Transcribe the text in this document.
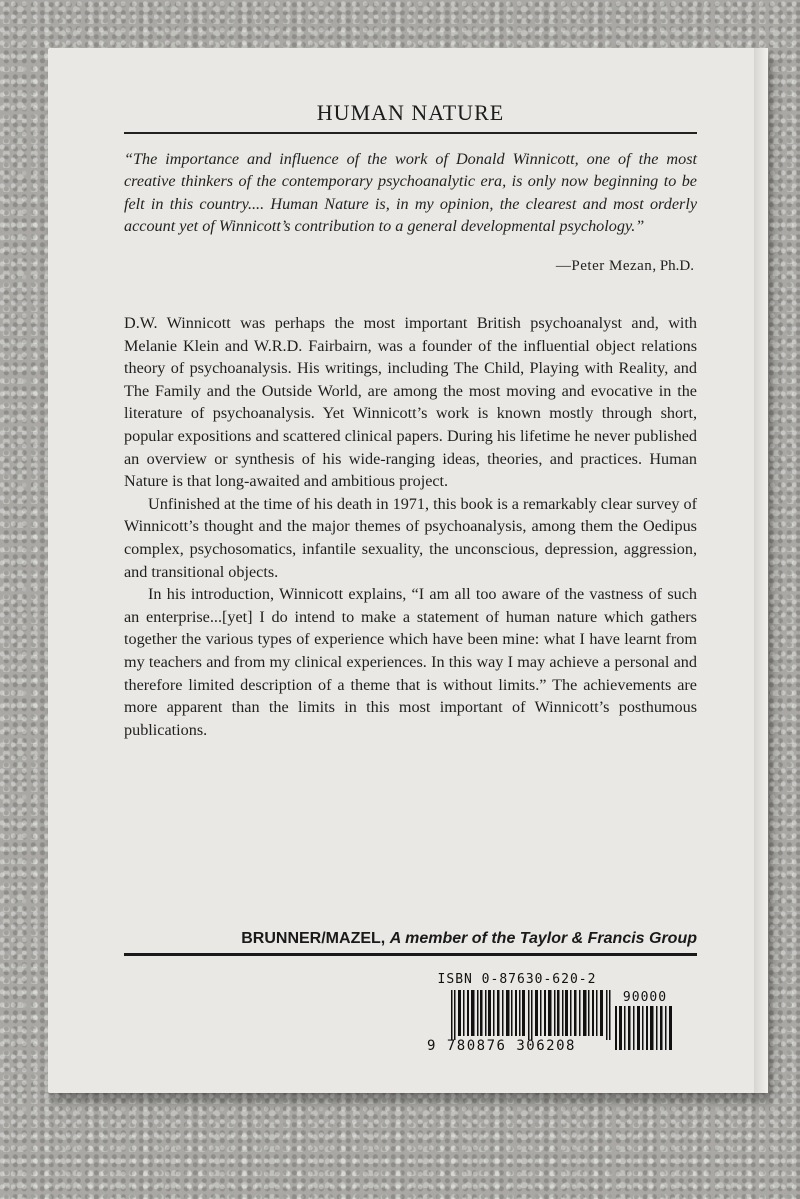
HUMAN NATURE
“The importance and influence of the work of Donald Winnicott, one of the most creative thinkers of the contemporary psychoanalytic era, is only now beginning to be felt in this country.... Human Nature is, in my opinion, the clearest and most orderly account yet of Winnicott’s contribution to a general developmental psychology.”
—Peter Mezan, Ph.D.

D.W. Winnicott was perhaps the most important British psychoanalyst and, with Melanie Klein and W.R.D. Fairbairn, was a founder of the influential object relations theory of psychoanalysis. His writings, including The Child, Playing with Reality, and The Family and the Outside World, are among the most moving and evocative in the literature of psychoanalysis. Yet Winnicott’s work is known mostly through short, popular expositions and scattered clinical papers. During his lifetime he never published an overview or synthesis of his wide-ranging ideas, theories, and practices. Human Nature is that long-awaited and ambitious project.

Unfinished at the time of his death in 1971, this book is a remarkably clear survey of Winnicott’s thought and the major themes of psychoanalysis, among them the Oedipus complex, psychosomatics, infantile sexuality, the unconscious, depression, aggression, and transitional objects.

In his introduction, Winnicott explains, “I am all too aware of the vastness of such an enterprise...[yet] I do intend to make a statement of human nature which gathers together the various types of experience which have been mine: what I have learnt from my teachers and from my clinical experiences. In this way I may achieve a personal and therefore limited description of a theme that is without limits.” The achievements are more apparent than the limits in this most important of Winnicott’s posthumous publications.

BRUNNER/MAZEL, A member of the Taylor & Francis Group
ISBN 0-87630-620-2
9 780876 306208
90000
